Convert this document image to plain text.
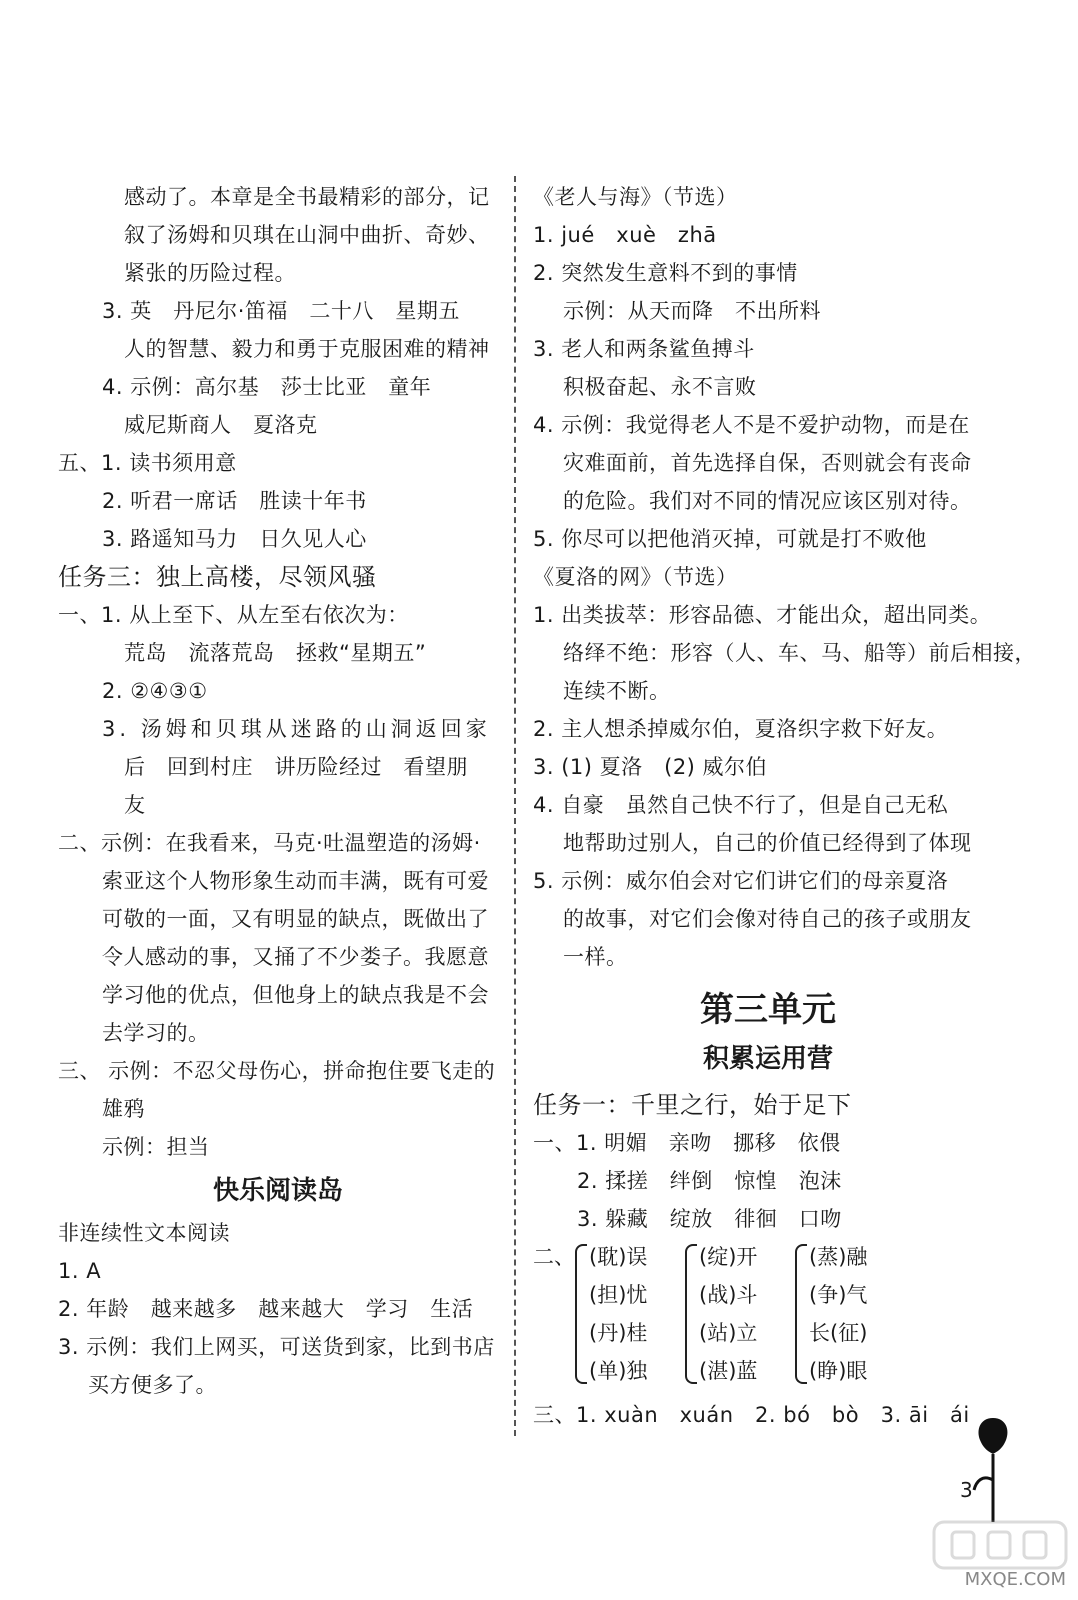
感动了。本章是全书最精彩的部分，记
叙了汤姆和贝琪在山洞中曲折、奇妙、
紧张的历险过程。
3. 英　丹尼尔·笛福　二十八　星期五
人的智慧、毅力和勇于克服困难的精神
4. 示例：高尔基　莎士比亚　童年
威尼斯商人　夏洛克
五、1. 读书须用意
2. 听君一席话　胜读十年书
3. 路遥知马力　日久见人心
任务三：独上高楼，尽领风骚
一、1. 从上至下、从左至右依次为：
荒岛　流落荒岛　拯救“星期五”
2. ②④③①
3. 汤姆和贝琪从迷路的山洞返回家
后　回到村庄　讲历险经过　看望朋
友
二、示例：在我看来，马克·吐温塑造的汤姆·
索亚这个人物形象生动而丰满，既有可爱
可敬的一面，又有明显的缺点，既做出了
令人感动的事，又捅了不少娄子。我愿意
学习他的优点，但他身上的缺点我是不会
去学习的。
三、 示例：不忍父母伤心，拼命抱住要飞走的
雄鸦
示例：担当
快乐阅读岛
非连续性文本阅读
1. A
2. 年龄　越来越多　越来越大　学习　生活
3. 示例：我们上网买，可送货到家，比到书店
买方便多了。
《老人与海》（节选）
1. jué　xuè　zhā
2. 突然发生意料不到的事情
示例：从天而降　不出所料
3. 老人和两条鲨鱼搏斗
积极奋起、永不言败
4. 示例：我觉得老人不是不爱护动物，而是在
灾难面前，首先选择自保，否则就会有丧命
的危险。我们对不同的情况应该区别对待。
5. 你尽可以把他消灭掉，可就是打不败他
《夏洛的网》（节选）
1. 出类拔萃：形容品德、才能出众，超出同类。
络绎不绝：形容（人、车、马、船等）前后相接，
连续不断。
2. 主人想杀掉威尔伯，夏洛织字救下好友。
3. (1) 夏洛　(2) 威尔伯
4. 自豪　虽然自己快不行了，但是自己无私
地帮助过别人，自己的价值已经得到了体现
5. 示例：威尔伯会对它们讲它们的母亲夏洛
的故事，对它们会像对待自己的孩子或朋友
一样。
第三单元
积累运用营
任务一：千里之行，始于足下
一、1. 明媚　亲吻　挪移　依偎
2. 揉搓　绊倒　惊惶　泡沫
3. 躲藏　绽放　徘徊　口吻
二、 (耽)误
(担)忧
(丹)桂
(单)独
(绽)开
(战)斗
(站)立
(湛)蓝
(蒸)融
(争)气
长(征)
(睁)眼
三、1. xuàn　xuán　2. bó　bò　3. āi　ái
3
MXQE.COM
